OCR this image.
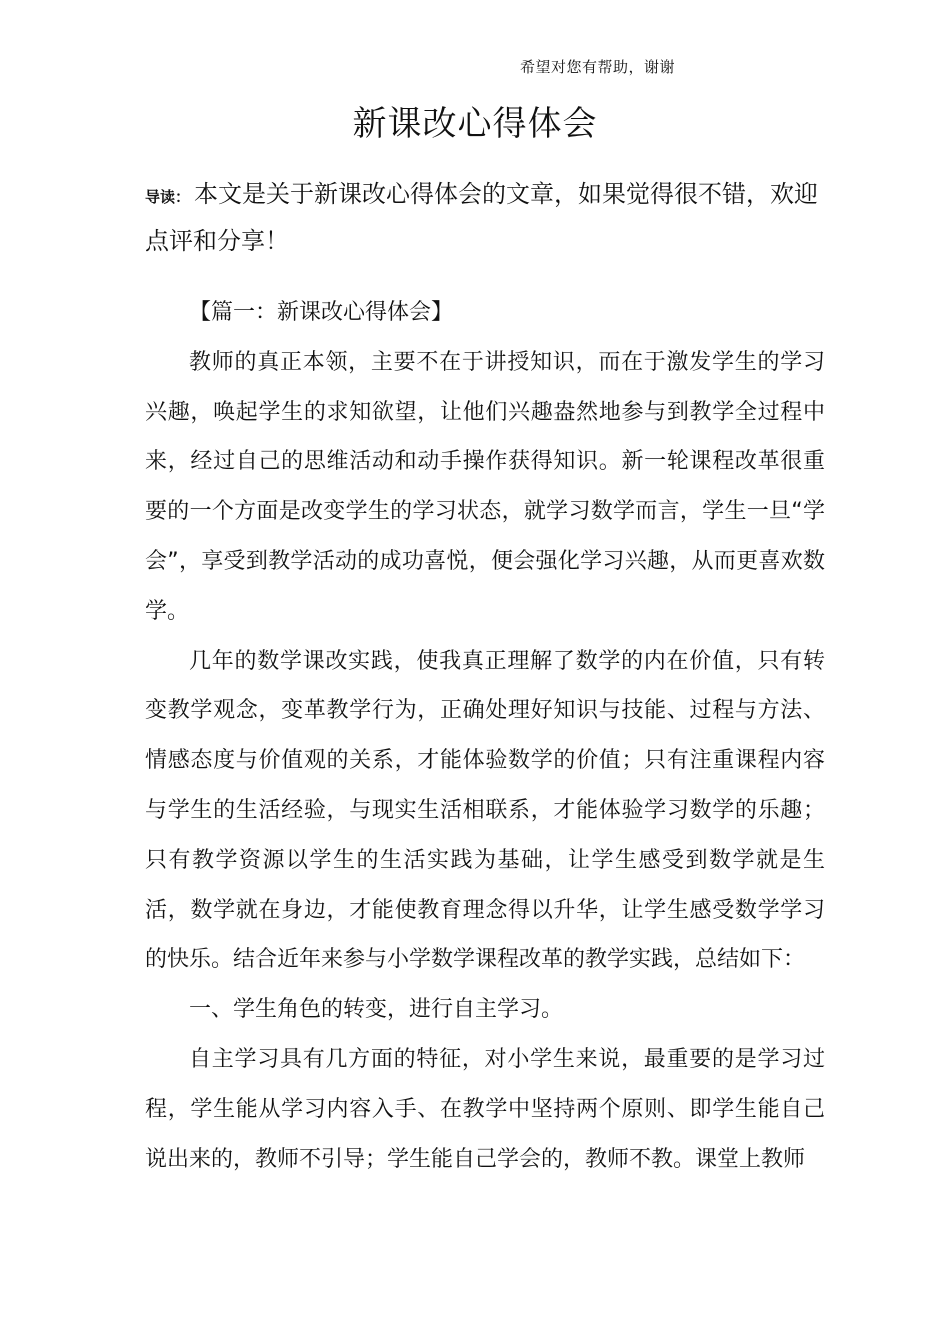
希望对您有帮助，谢谢
新课改心得体会
导读： 本文是关于新课改心得体会的文章，如果觉得很不错，欢迎点评和分享！

【篇一：新课改心得体会】

教师的真正本领，主要不在于讲授知识，而在于激发学生的学习兴趣，唤起学生的求知欲望，让他们兴趣盎然地参与到教学全过程中来，经过自己的思维活动和动手操作获得知识。新一轮课程改革很重要的一个方面是改变学生的学习状态，就学习数学而言，学生一旦“学会”，享受到教学活动的成功喜悦，便会强化学习兴趣，从而更喜欢数学。

几年的数学课改实践，使我真正理解了数学的内在价值，只有转变教学观念，变革教学行为，正确处理好知识与技能、过程与方法、情感态度与价值观的关系，才能体验数学的价值；只有注重课程内容与学生的生活经验，与现实生活相联系，才能体验学习数学的乐趣；只有教学资源以学生的生活实践为基础，让学生感受到数学就是生活，数学就在身边，才能使教育理念得以升华，让学生感受数学学习的快乐。结合近年来参与小学数学课程改革的教学实践，总结如下：

一、学生角色的转变，进行自主学习。

自主学习具有几方面的特征，对小学生来说，最重要的是学习过程，学生能从学习内容入手、在教学中坚持两个原则、即学生能自己说出来的，教师不引导；学生能自己学会的，教师不教。课堂上教师
